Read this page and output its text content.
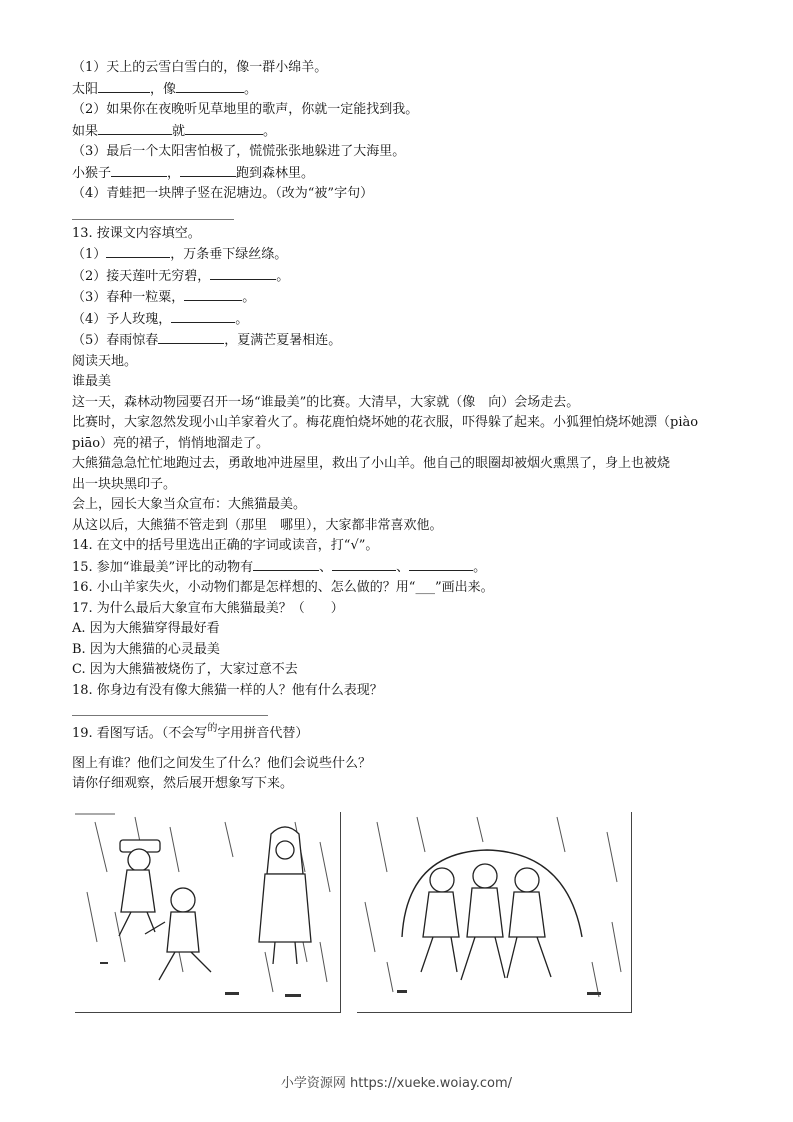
（1）天上的云雪白雪白的，像一群小绵羊。
太阳	，像	。
（2）如果你在夜晚听见草地里的歌声，你就一定能找到我。
如果	就	。
（3）最后一个太阳害怕极了，慌慌张张地躲进了大海里。
小猴子	，	跑到森林里。
（4）青蛙把一块牌子竖在泥塘边。（改为“被”字句）
13. 按课文内容填空。
（1）	，万条垂下绿丝绦。
（2）接天莲叶无穷碧，	。
（3）春种一粒粟，	。
（4）予人玫瑰，	。
（5）春雨惊春	，夏满芒夏暑相连。
阅读天地。
谁最美
这一天，森林动物园要召开一场“谁最美”的比赛。大清早，大家就（像　向）会场走去。
比赛时，大家忽然发现小山羊家着火了。梅花鹿怕烧坏她的花衣服，吓得躲了起来。小狐狸怕烧坏她漂（piào
piāo）亮的裙子，悄悄地溜走了。
大熊猫急急忙忙地跑过去，勇敢地冲进屋里，救出了小山羊。他自己的眼圈却被烟火熏黑了，身上也被烧
出一块块黑印子。
会上，园长大象当众宣布：大熊猫最美。
从这以后，大熊猫不管走到（那里　哪里），大家都非常喜欢他。
14. 在文中的括号里选出正确的字词或读音，打“√”。
15. 参加“谁最美”评比的动物有	、	、	。
16. 小山羊家失火，小动物们都是怎样想的、怎么做的？用“___”画出来。
17. 为什么最后大象宣布大熊猫最美？（　　）
A. 因为大熊猫穿得最好看
B. 因为大熊猫的心灵最美
C. 因为大熊猫被烧伤了，大家过意不去
18. 你身边有没有像大熊猫一样的人？他有什么表现？
19. 看图写话。（不会写$^的$字用拼音代替）
图上有谁？他们之间发生了什么？他们会说些什么？
请你仔细观察，然后展开想象写下来。
小学资源网 https://xueke.woiay.com/
